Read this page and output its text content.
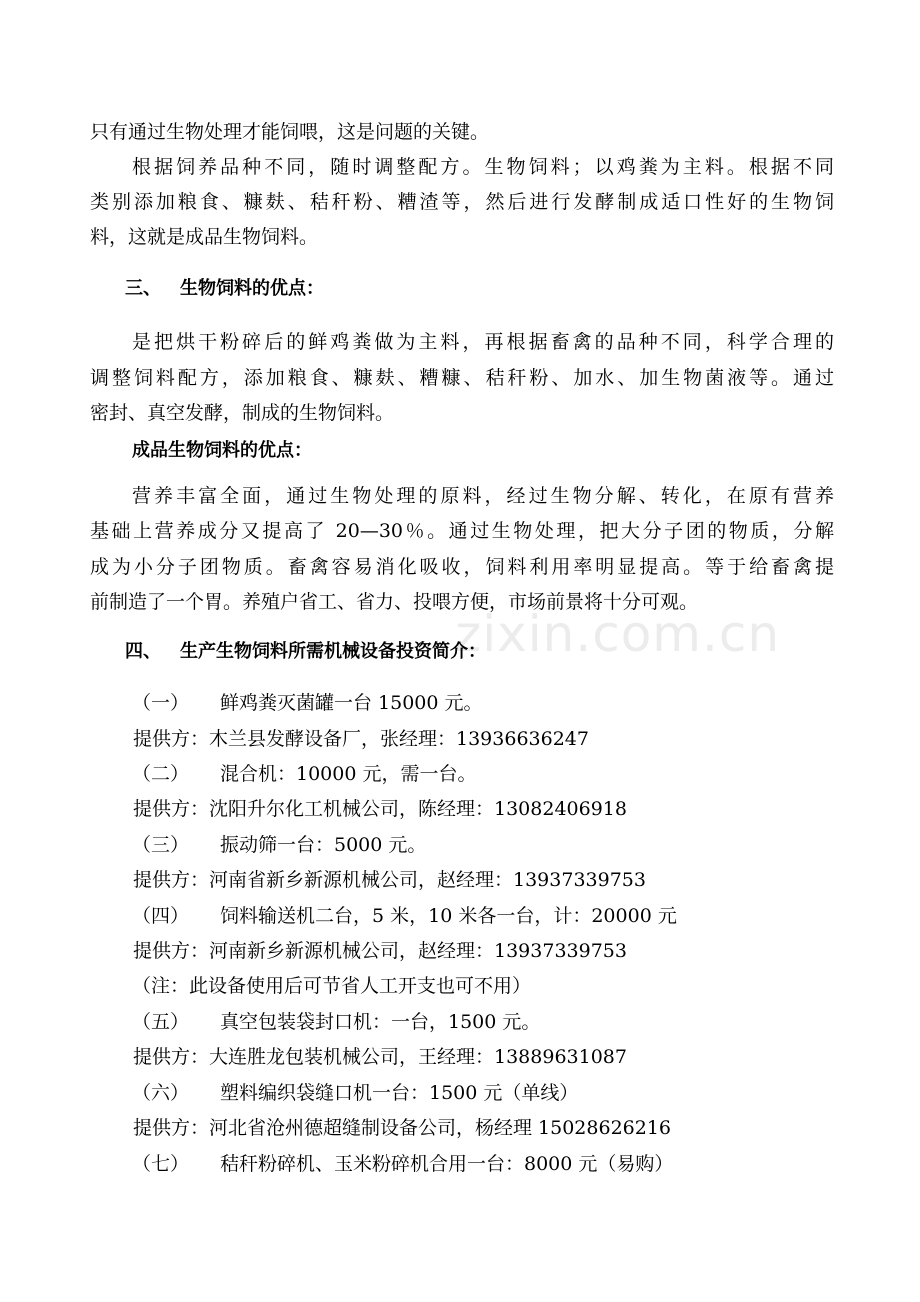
zixin.com.cn
只有通过生物处理才能饲喂，这是问题的关键。
根据饲养品种不同，随时调整配方。生物饲料；以鸡粪为主料。根据不同
类别添加粮食、糠麸、秸秆粉、糟渣等，然后进行发酵制成适口性好的生物饲
料，这就是成品生物饲料。
三、 生物饲料的优点：
是把烘干粉碎后的鲜鸡粪做为主料，再根据畜禽的品种不同，科学合理的
调整饲料配方，添加粮食、糠麸、糟糠、秸秆粉、加水、加生物菌液等。通过
密封、真空发酵，制成的生物饲料。
成品生物饲料的优点：
营养丰富全面，通过生物处理的原料，经过生物分解、转化，在原有营养
基础上营养成分又提高了 20—30％。通过生物处理，把大分子团的物质，分解
成为小分子团物质。畜禽容易消化吸收，饲料利用率明显提高。等于给畜禽提
前制造了一个胃。养殖户省工、省力、投喂方便，市场前景将十分可观。
四、 生产生物饲料所需机械设备投资简介：
（一） 鲜鸡粪灭菌罐一台 15000 元。
提供方：木兰县发酵设备厂，张经理：13936636247
（二） 混合机：10000 元，需一台。
提供方：沈阳升尔化工机械公司，陈经理：13082406918
（三） 振动筛一台：5000 元。
提供方：河南省新乡新源机械公司，赵经理：13937339753
（四） 饲料输送机二台，5 米，10 米各一台，计：20000 元
提供方：河南新乡新源机械公司，赵经理：13937339753
（注：此设备使用后可节省人工开支也可不用）
（五） 真空包装袋封口机：一台，1500 元。
提供方：大连胜龙包装机械公司，王经理：13889631087
（六） 塑料编织袋缝口机一台：1500 元（单线）
提供方：河北省沧州德超缝制设备公司，杨经理 15028626216
（七） 秸秆粉碎机、玉米粉碎机合用一台：8000 元（易购）
